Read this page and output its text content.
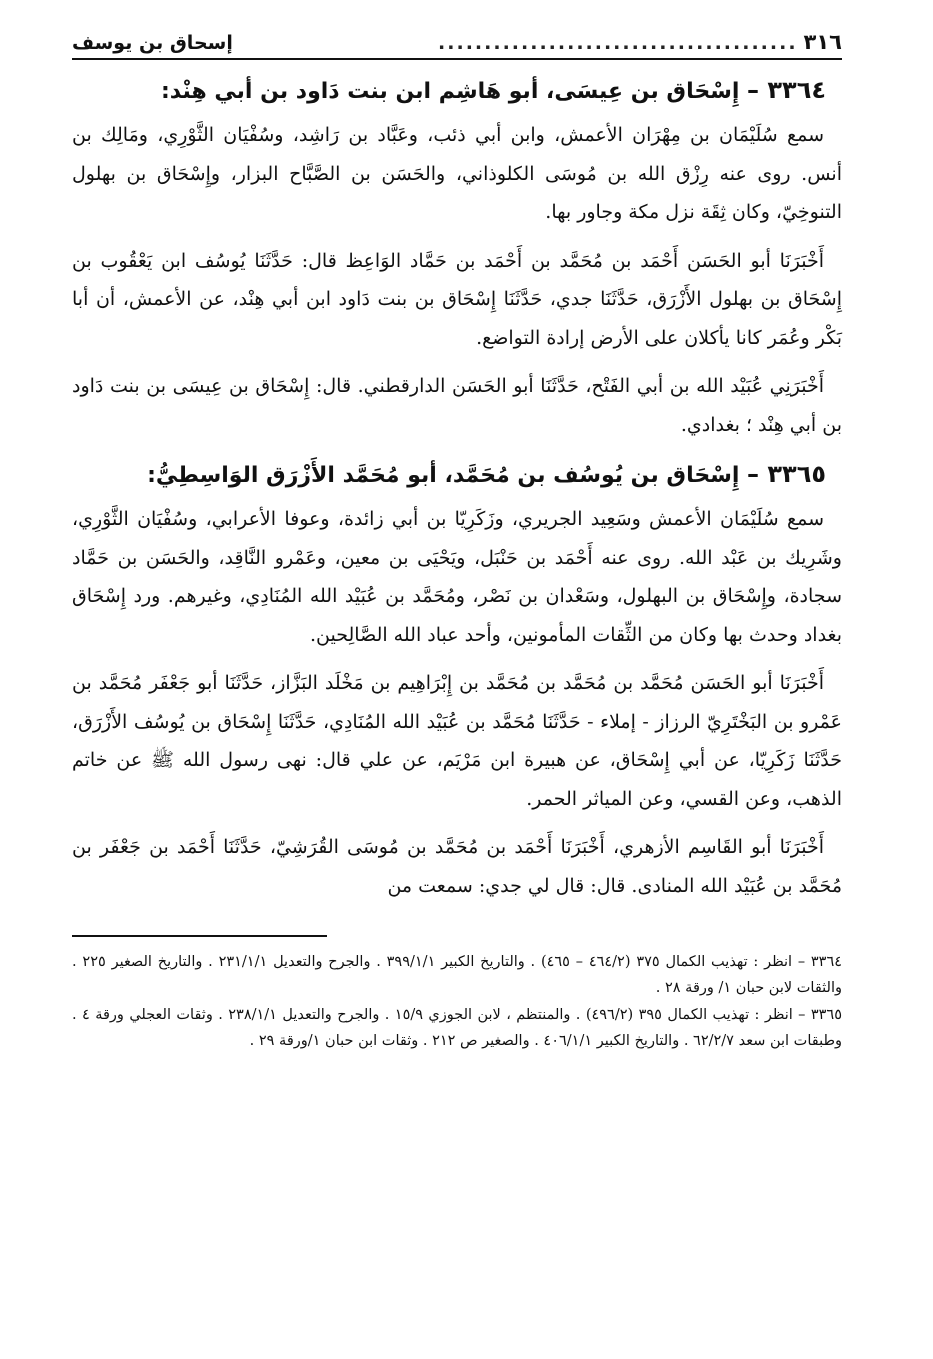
٣١٦
.......................................
إسحاق بن يوسف
٣٣٦٤ – إِسْحَاق بن عِيسَى، أبو هَاشِم ابن بنت دَاود بن أبي هِنْد:

سمع سُلَيْمَان بن مِهْرَان الأعمش، وابن أبي ذئب، وعَبَّاد بن رَاشِد، وسُفْيَان الثَّوْرِي، ومَالِك بن أنس. روى عنه رِزْق الله بن مُوسَى الكلوذاني، والحَسَن بن الصَّبَّاح البزار، وإِسْحَاق بن بهلول التنوخِيّ، وكان ثِقَة نزل مكة وجاور بها.

أَخْبَرَنَا أبو الحَسَن أَحْمَد بن مُحَمَّد بن أَحْمَد بن حَمَّاد الوَاعِظ قال: حَدَّثَنَا يُوسُف ابن يَعْقُوب بن إِسْحَاق بن بهلول الأَزْرَق، حَدَّثَنَا جدي، حَدَّثَنَا إِسْحَاق بن بنت دَاود ابن أبي هِنْد، عن الأعمش، أن أبا بَكْر وعُمَر كانا يأكلان على الأرض إرادة التواضع.

أَخْبَرَنِي عُبَيْد الله بن أبي الفَتْح، حَدَّثَنَا أبو الحَسَن الدارقطني. قال: إِسْحَاق بن عِيسَى بن بنت دَاود بن أبي هِنْد ؛ بغدادي.

٣٣٦٥ – إِسْحَاق بن يُوسُف بن مُحَمَّد، أبو مُحَمَّد الأَزْرَق الوَاسِطِيُّ:

سمع سُلَيْمَان الأعمش وسَعِيد الجريري، وزَكَرِيّا بن أبي زائدة، وعوفا الأعرابي، وسُفْيَان الثَّوْرِي، وشَرِيك بن عَبْد الله. روى عنه أَحْمَد بن حَنْبَل، ويَحْيَى بن معين، وعَمْرو النَّاقِد، والحَسَن بن حَمَّاد سجادة، وإِسْحَاق بن البهلول، وسَعْدان بن نَصْر، ومُحَمَّد بن عُبَيْد الله المُنَادِي، وغيرهم. ورد إِسْحَاق بغداد وحدث بها وكان من الثِّقات المأمونين، وأحد عباد الله الصَّالِحين.

أَخْبَرَنَا أبو الحَسَن مُحَمَّد بن مُحَمَّد بن مُحَمَّد بن إِبْرَاهِيم بن مَخْلَد البَزَّاز، حَدَّثَنَا أبو جَعْفَر مُحَمَّد بن عَمْرو بن البَخْتَرِيّ الرزاز - إملاء - حَدَّثَنَا مُحَمَّد بن عُبَيْد الله المُنَادِي، حَدَّثَنَا إِسْحَاق بن يُوسُف الأَزْرَق، حَدَّثَنَا زَكَرِيّا، عن أبي إِسْحَاق، عن هبيرة ابن مَرْيَم، عن علي قال: نهى رسول الله ﷺ عن خاتم الذهب، وعن القسي، وعن المياثر الحمر.

أَخْبَرَنَا أبو القَاسِم الأزهري، أَخْبَرَنَا أَحْمَد بن مُحَمَّد بن مُوسَى القُرَشِيّ، حَدَّثَنَا أَحْمَد بن جَعْفَر بن مُحَمَّد بن عُبَيْد الله المنادى. قال: قال لي جدي: سمعت من

٣٣٦٤ – انظر : تهذيب الكمال ٣٧٥ (٤٦٤/٢ – ٤٦٥) . والتاريخ الكبير ٣٩٩/١/١ . والجرح والتعديل ٢٣١/١/١ . والتاريخ الصغير ٢٢٥ . والثقات لابن حبان ١/ ورقة ٢٨ .

٣٣٦٥ – انظر : تهذيب الكمال ٣٩٥ (٤٩٦/٢) . والمنتظم ، لابن الجوزي ١٥/٩ . والجرح والتعديل ٢٣٨/١/١ . وثقات العجلي ورقة ٤ . وطبقات ابن سعد ٦٢/٢/٧ . والتاريخ الكبير ٤٠٦/١/١ . والصغير ص ٢١٢ . وثقات ابن حبان ١/ورقة ٢٩ .
